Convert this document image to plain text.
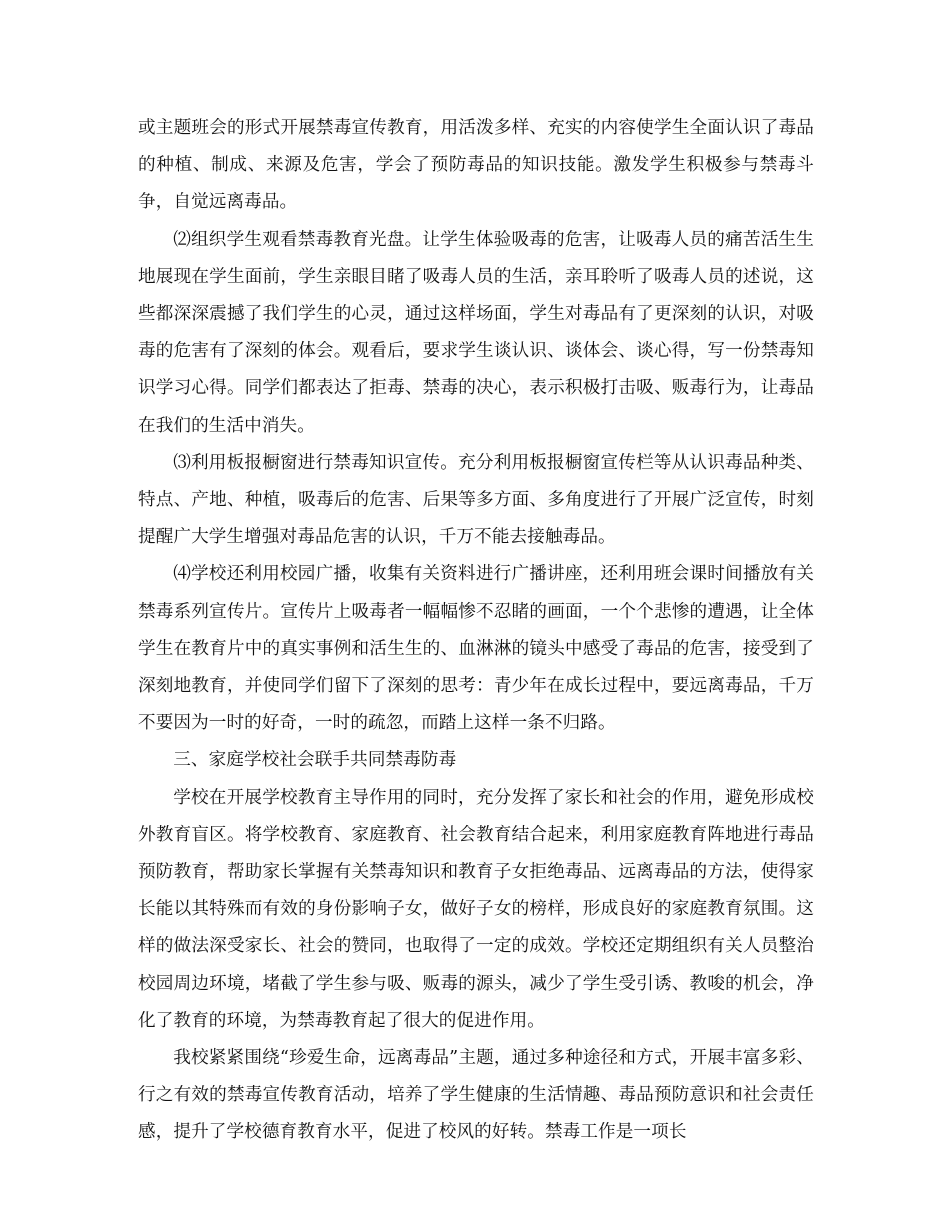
或主题班会的形式开展禁毒宣传教育，用活泼多样、充实的内容使学生全面认识了毒品的种植、制成、来源及危害，学会了预防毒品的知识技能。激发学生积极参与禁毒斗争，自觉远离毒品。

⑵组织学生观看禁毒教育光盘。让学生体验吸毒的危害，让吸毒人员的痛苦活生生地展现在学生面前，学生亲眼目睹了吸毒人员的生活，亲耳聆听了吸毒人员的述说，这些都深深震撼了我们学生的心灵，通过这样场面，学生对毒品有了更深刻的认识，对吸毒的危害有了深刻的体会。观看后，要求学生谈认识、谈体会、谈心得，写一份禁毒知识学习心得。同学们都表达了拒毒、禁毒的决心，表示积极打击吸、贩毒行为，让毒品在我们的生活中消失。

⑶利用板报橱窗进行禁毒知识宣传。充分利用板报橱窗宣传栏等从认识毒品种类、特点、产地、种植，吸毒后的危害、后果等多方面、多角度进行了开展广泛宣传，时刻提醒广大学生增强对毒品危害的认识，千万不能去接触毒品。

⑷学校还利用校园广播，收集有关资料进行广播讲座，还利用班会课时间播放有关禁毒系列宣传片。宣传片上吸毒者一幅幅惨不忍睹的画面，一个个悲惨的遭遇，让全体学生在教育片中的真实事例和活生生的、血淋淋的镜头中感受了毒品的危害，接受到了深刻地教育，并使同学们留下了深刻的思考：青少年在成长过程中，要远离毒品，千万不要因为一时的好奇，一时的疏忽，而踏上这样一条不归路。

三、家庭学校社会联手共同禁毒防毒

学校在开展学校教育主导作用的同时，充分发挥了家长和社会的作用，避免形成校外教育盲区。将学校教育、家庭教育、社会教育结合起来，利用家庭教育阵地进行毒品预防教育，帮助家长掌握有关禁毒知识和教育子女拒绝毒品、远离毒品的方法，使得家长能以其特殊而有效的身份影响子女，做好子女的榜样，形成良好的家庭教育氛围。这样的做法深受家长、社会的赞同，也取得了一定的成效。学校还定期组织有关人员整治校园周边环境，堵截了学生参与吸、贩毒的源头，减少了学生受引诱、教唆的机会，净化了教育的环境，为禁毒教育起了很大的促进作用。

我校紧紧围绕“珍爱生命，远离毒品”主题，通过多种途径和方式，开展丰富多彩、行之有效的禁毒宣传教育活动，培养了学生健康的生活情趣、毒品预防意识和社会责任感，提升了学校德育教育水平，促进了校风的好转。禁毒工作是一项长
